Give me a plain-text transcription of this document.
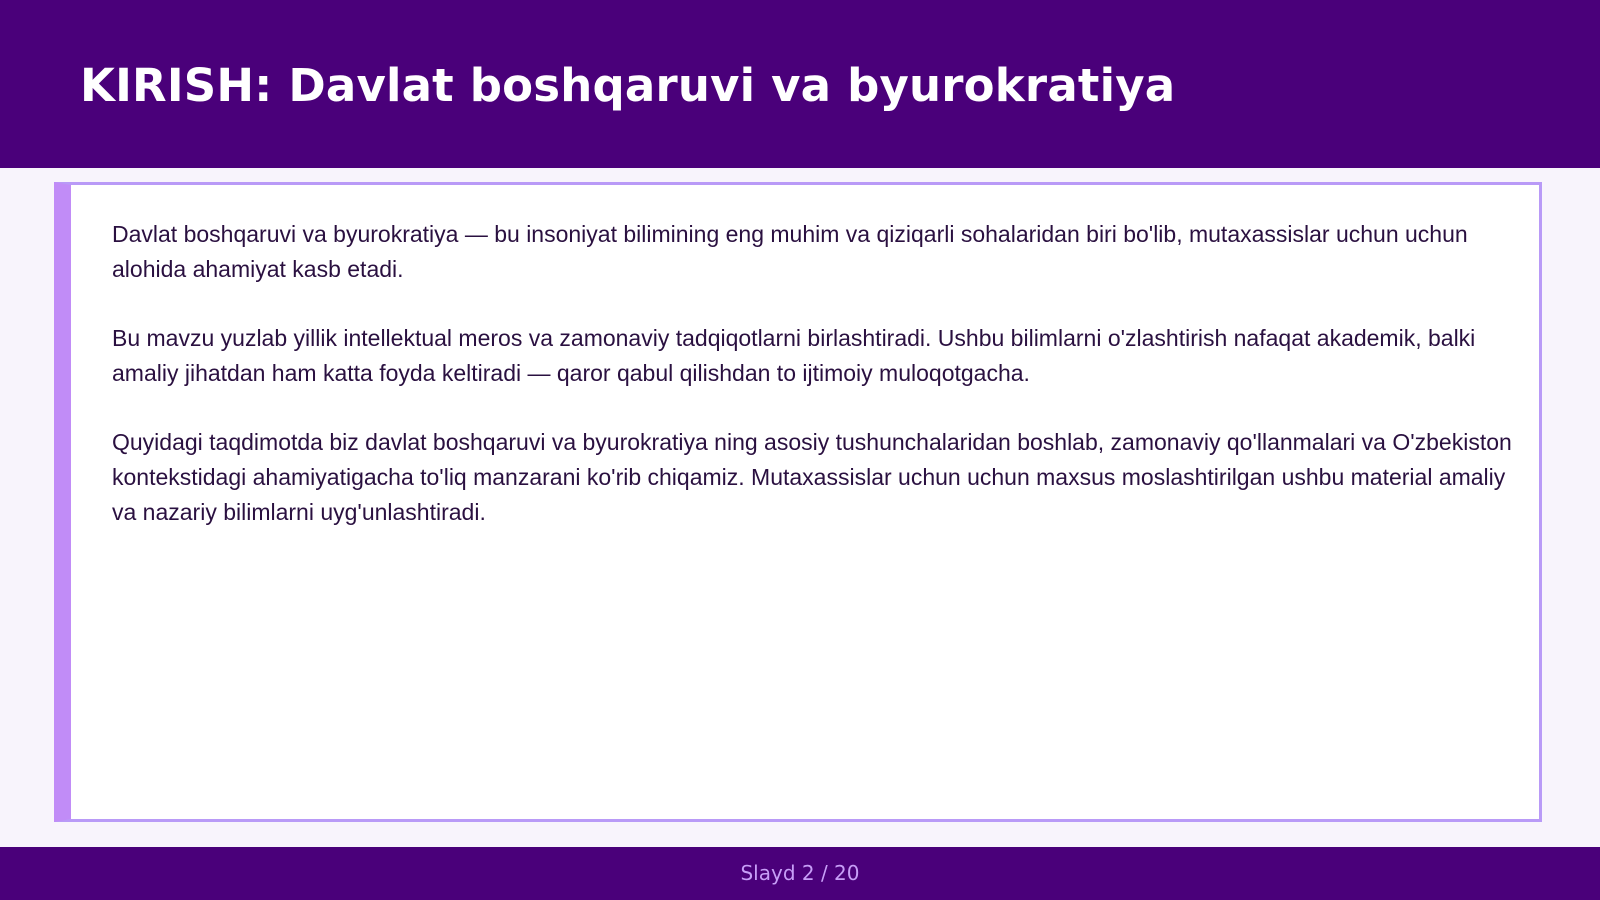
KIRISH: Davlat boshqaruvi va byurokratiya

Davlat boshqaruvi va byurokratiya — bu insoniyat bilimining eng muhim va qiziqarli sohalaridan biri bo'lib, mutaxassislar uchun uchun alohida ahamiyat kasb etadi.

Bu mavzu yuzlab yillik intellektual meros va zamonaviy tadqiqotlarni birlashtiradi. Ushbu bilimlarni o'zlashtirish nafaqat akademik, balki amaliy jihatdan ham katta foyda keltiradi — qaror qabul qilishdan to ijtimoiy muloqotgacha.

Quyidagi taqdimotda biz davlat boshqaruvi va byurokratiya ning asosiy tushunchalaridan boshlab, zamonaviy qo'llanmalari va O'zbekiston kontekstidagi ahamiyatigacha to'liq manzarani ko'rib chiqamiz. Mutaxassislar uchun uchun maxsus moslashtirilgan ushbu material amaliy va nazariy bilimlarni uyg'unlashtiradi.

Slayd 2 / 20
